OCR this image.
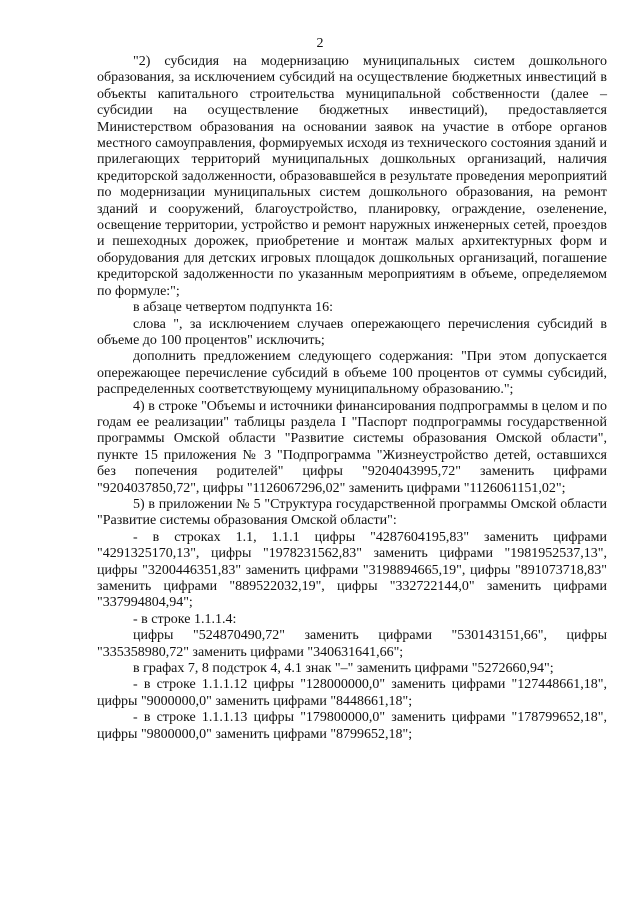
2

"2) субсидия на модернизацию муниципальных систем дошкольного образования, за исключением субсидий на осуществление бюджетных инвестиций в объекты капитального строительства муниципальной собственности (далее – субсидии на осуществление бюджетных инвестиций), предоставляется Министерством образования на основании заявок на участие в отборе органов местного самоуправления, формируемых исходя из технического состояния зданий и прилегающих территорий муниципальных дошкольных организаций, наличия кредиторской задолженности, образовавшейся в результате проведения мероприятий по модернизации муниципальных систем дошкольного образования, на ремонт зданий и сооружений, благоустройство, планировку, ограждение, озеленение, освещение территории, устройство и ремонт наружных инженерных сетей, проездов и пешеходных дорожек, приобретение и монтаж малых архитектурных форм и оборудования для детских игровых площадок дошкольных организаций, погашение кредиторской задолженности по указанным мероприятиям в объеме, определяемом по формуле:";

в абзаце четвертом подпункта 16:

слова ", за исключением случаев опережающего перечисления субсидий в объеме до 100 процентов" исключить;

дополнить предложением следующего содержания: "При этом допускается опережающее перечисление субсидий в объеме 100 процентов от суммы субсидий, распределенных соответствующему муниципальному образованию.";

4) в строке "Объемы и источники финансирования подпрограммы в целом и по годам ее реализации" таблицы раздела I "Паспорт подпрограммы государственной программы Омской области "Развитие системы образования Омской области", пункте 15 приложения № 3 "Подпрограмма "Жизнеустройство детей, оставшихся без попечения родителей" цифры "9204043995,72" заменить цифрами "9204037850,72", цифры "1126067296,02" заменить цифрами "1126061151,02";

5) в приложении № 5 "Структура государственной программы Омской области "Развитие системы образования Омской области":

- в строках 1.1, 1.1.1 цифры "4287604195,83" заменить цифрами "4291325170,13", цифры "1978231562,83" заменить цифрами "1981952537,13", цифры "3200446351,83" заменить цифрами "3198894665,19", цифры "891073718,83" заменить цифрами "889522032,19", цифры "332722144,0" заменить цифрами "337994804,94";

- в строке 1.1.1.4:

цифры "524870490,72" заменить цифрами "530143151,66", цифры "335358980,72" заменить цифрами "340631641,66";

в графах 7, 8 подстрок 4, 4.1 знак "–" заменить цифрами "5272660,94";

- в строке 1.1.1.12 цифры "128000000,0" заменить цифрами "127448661,18", цифры "9000000,0" заменить цифрами "8448661,18";

- в строке 1.1.1.13 цифры "179800000,0" заменить цифрами "178799652,18", цифры "9800000,0" заменить цифрами "8799652,18";
